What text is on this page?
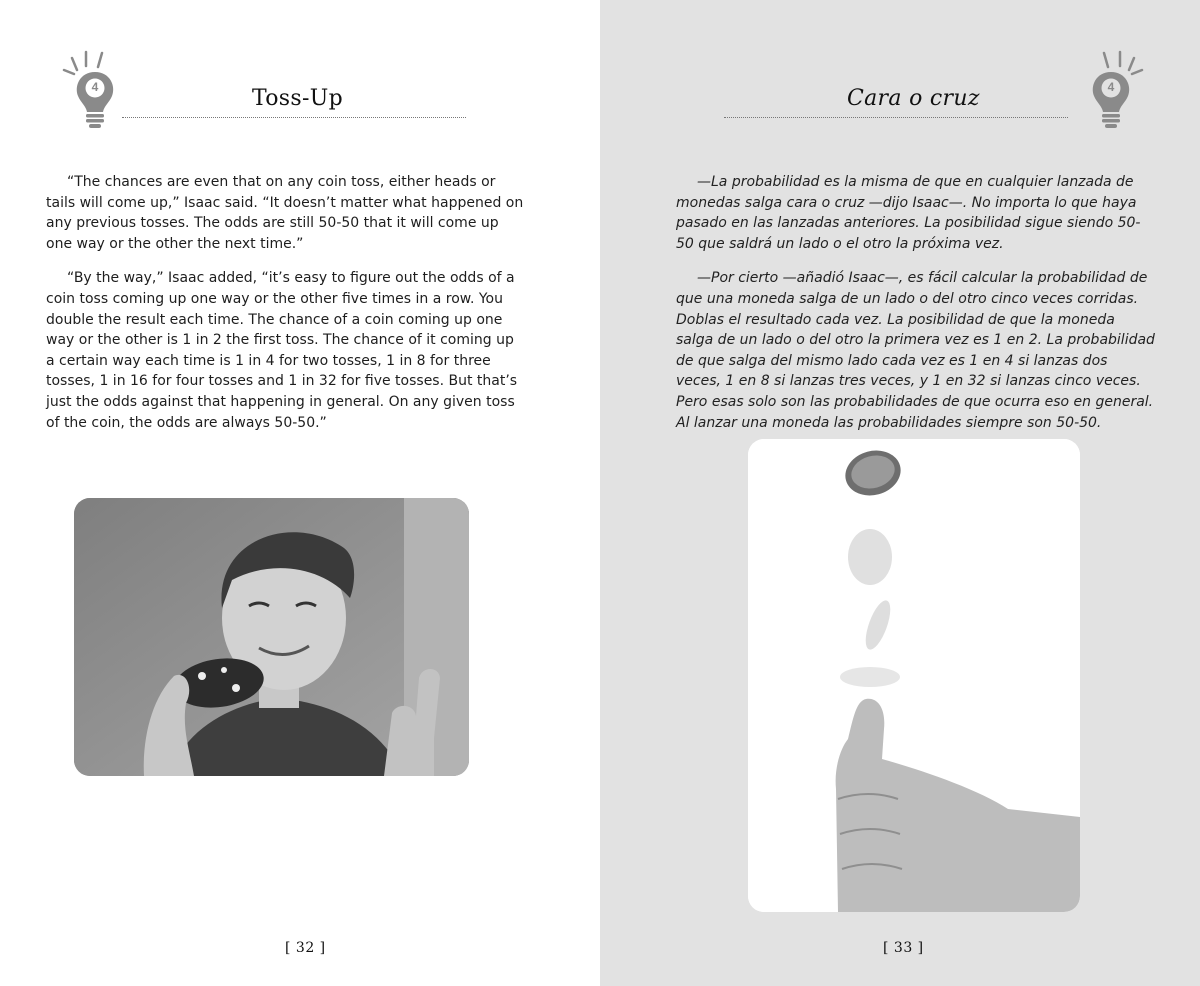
4	Toss-Up

“The chances are even that on any coin toss, either heads or tails will come up,” Isaac said. “It doesn’t matter what happened on any previous tosses. The odds are still 50-50 that it will come up one way or the other the next time.”

“By the way,” Isaac added, “it’s easy to figure out the odds of a coin toss coming up one way or the other five times in a row. You double the result each time. The chance of a coin coming up one way or the other is 1 in 2 the first toss. The chance of it coming up a certain way each time is 1 in 4 for two tosses, 1 in 8 for three tosses, 1 in 16 for four tosses and 1 in 32 for five tosses. But that’s just the odds against that happening in general. On any given toss of the coin, the odds are always 50-50.”

[ 32 ]
4
Cara o cruz

—La probabilidad es la misma de que en cualquier lanzada de monedas salga cara o cruz —dijo Isaac—. No importa lo que haya pasado en las lanzadas anteriores. La posibilidad sigue siendo 50-50 que saldrá un lado o el otro la próxima vez.

—Por cierto —añadió Isaac—, es fácil calcular la probabilidad de que una moneda salga de un lado o del otro cinco veces corridas. Doblas el resultado cada vez. La posibilidad de que la moneda salga de un lado o del otro la primera vez es 1 en 2. La probabilidad de que salga del mismo lado cada vez es 1 en 4 si lanzas dos veces, 1 en 8 si lanzas tres veces, y 1 en 32 si lanzas cinco veces. Pero esas solo son las probabilidades de que ocurra eso en general. Al lanzar una moneda las probabilidades siempre son 50-50.

[ 33 ]
